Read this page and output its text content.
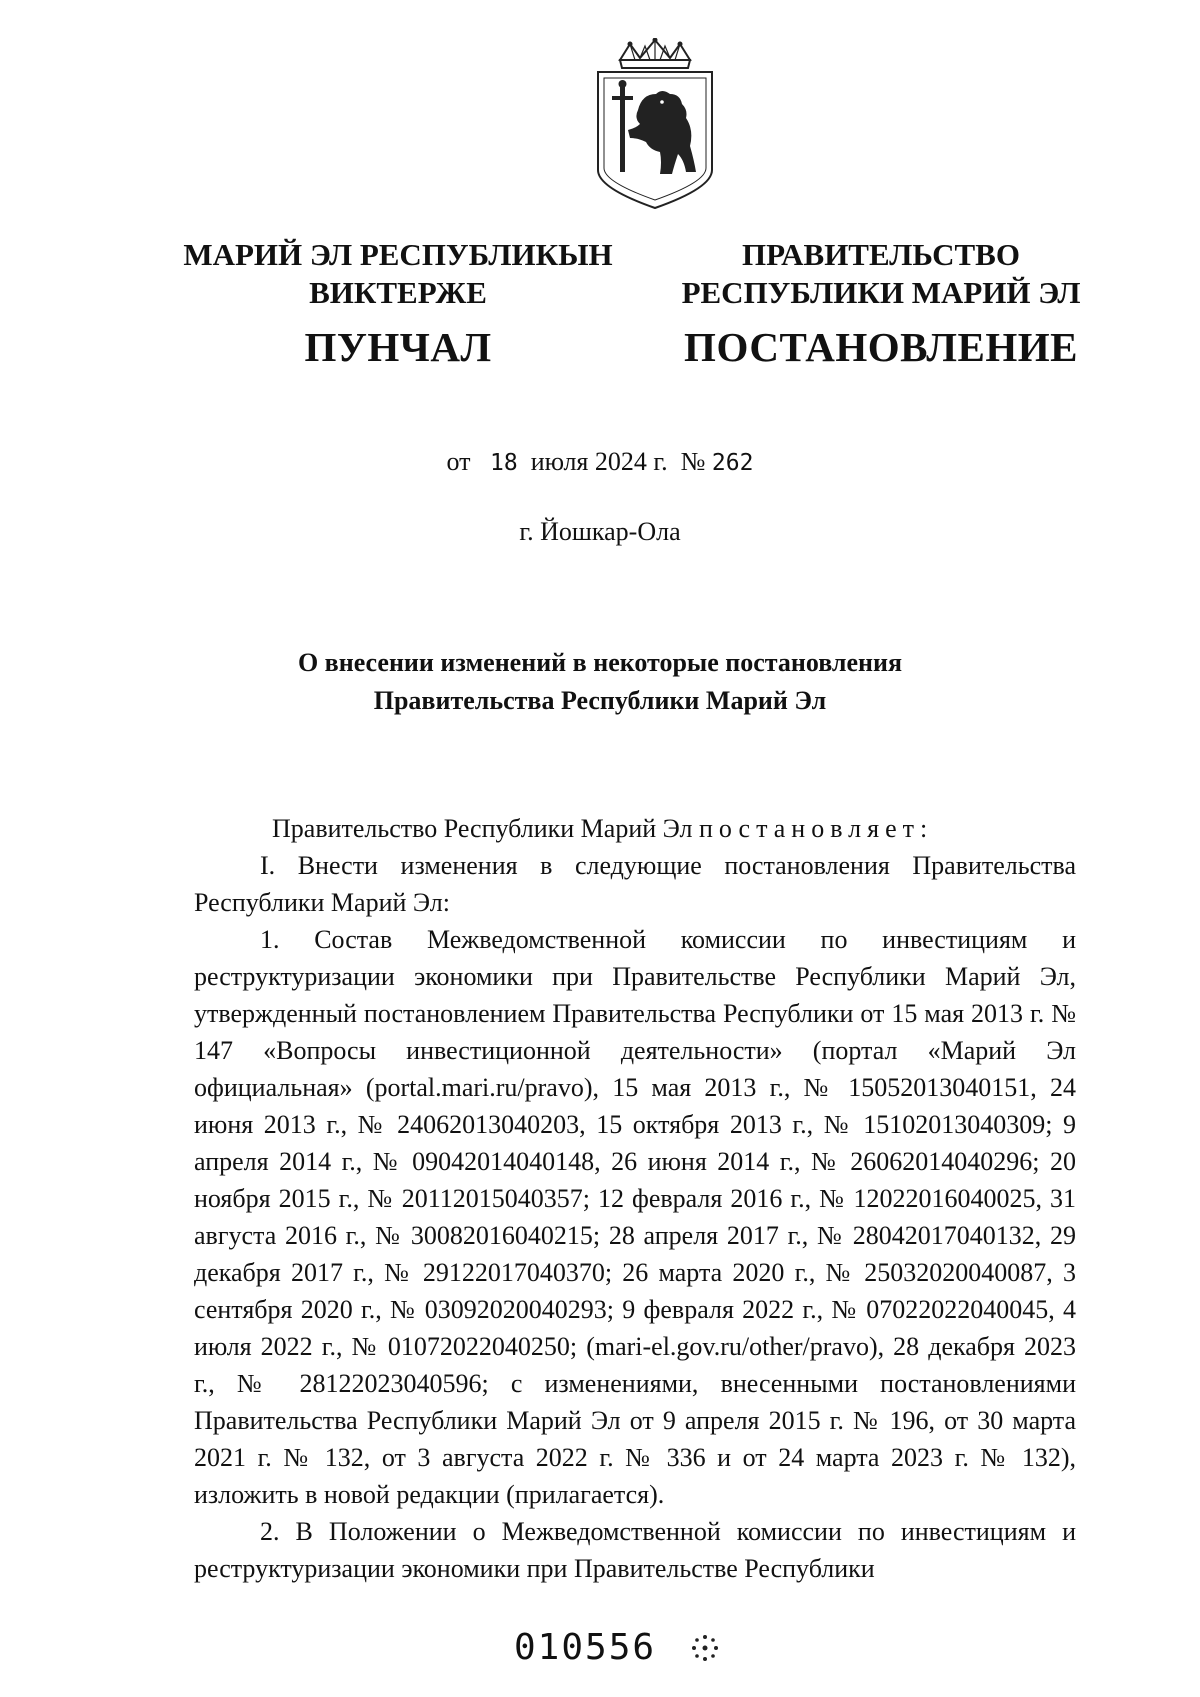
МАРИЙ ЭЛ РЕСПУБЛИКЫН
ВИКТЕРЖЕ
ПУНЧАЛ
ПРАВИТЕЛЬСТВО
РЕСПУБЛИКИ МАРИЙ ЭЛ
ПОСТАНОВЛЕНИЕ
от 18 июля 2024 г. № 262
г. Йошкар-Ола
О внесении изменений в некоторые постановления
Правительства Республики Марий Эл

Правительство Республики Марий Эл постановляет:

I. Внести изменения в следующие постановления Правительства Республики Марий Эл:

1. Состав Межведомственной комиссии по инвестициям и реструктуризации экономики при Правительстве Республики Марий Эл, утвержденный постановлением Правительства Республики от 15 мая 2013 г. № 147 «Вопросы инвестиционной деятельности» (портал «Марий Эл официальная» (portal.mari.ru/pravo), 15 мая 2013 г., № 15052013040151, 24 июня 2013 г., № 24062013040203, 15 октября 2013 г., № 15102013040309; 9 апреля 2014 г., № 09042014040148, 26 июня 2014 г., № 26062014040296; 20 ноября 2015 г., № 20112015040357; 12 февраля 2016 г., № 12022016040025, 31 августа 2016 г., № 30082016040215; 28 апреля 2017 г., № 28042017040132, 29 декабря 2017 г., № 29122017040370; 26 марта 2020 г., № 25032020040087, 3 сентября 2020 г., № 03092020040293; 9 февраля 2022 г., № 07022022040045, 4 июля 2022 г., № 01072022040250; (mari-el.gov.ru/other/pravo), 28 декабря 2023 г., № 28122023040596; с изменениями, внесенными постановлениями Правительства Республики Марий Эл от 9 апреля 2015 г. № 196, от 30 марта 2021 г. № 132, от 3 августа 2022 г. № 336 и от 24 марта 2023 г. № 132), изложить в новой редакции (прилагается).

2. В Положении о Межведомственной комиссии по инвестициям и реструктуризации экономики при Правительстве Республики

010556
